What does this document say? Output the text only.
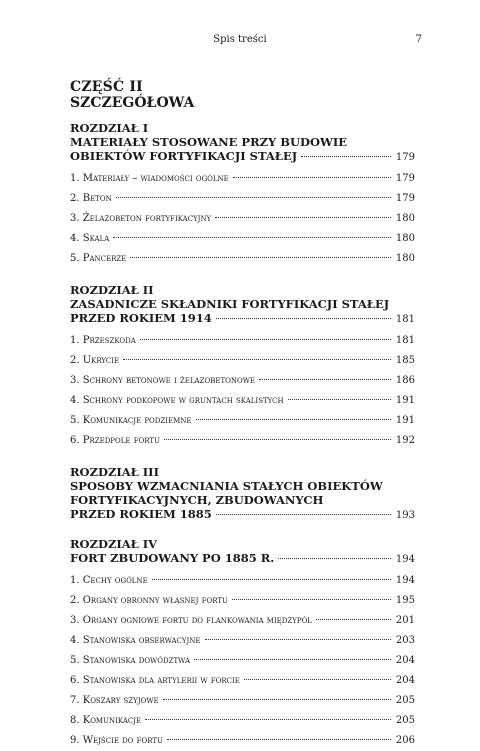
Spis treści	7
CZĘŚĆ II
SZCZEGÓŁOWA
ROZDZIAŁ I
MATERIAŁY STOSOWANE PRZY BUDOWIE
OBIEKTÓW FORTYFIKACJI STAŁEJ	179
1. Materiały – wiadomości ogólne	179
2. Beton	179
3. Żelazobeton fortyfikacyjny	180
4. Skala	180
5. Pancerze	180
ROZDZIAŁ II
ZASADNICZE SKŁADNIKI FORTYFIKACJI STAŁEJ
PRZED ROKIEM 1914	181
1. Przeszkoda	181
2. Ukrycie	185
3. Schrony betonowe i żelazobetonowe	186
4. Schrony podkopowe w gruntach skalistych	191
5. Komunikacje podziemne	191
6. Przedpole fortu	192
ROZDZIAŁ III
SPOSOBY WZMACNIANIA STAŁYCH OBIEKTÓW
FORTYFIKACYJNYCH, ZBUDOWANYCH
PRZED ROKIEM 1885	193
ROZDZIAŁ IV
FORT ZBUDOWANY PO 1885 R.	194
1. Cechy ogólne	194
2. Organy obronny własnej fortu	195
3. Organy ogniowe fortu do flankowania międzypól	201
4. Stanowiska obserwacyjne	203
5. Stanowiska dowództwa	204
6. Stanowiska dla artylerii w forcie	204
7. Koszary szyjowe	205
8. Komunikacje	205
9. Wejście do fortu	206
